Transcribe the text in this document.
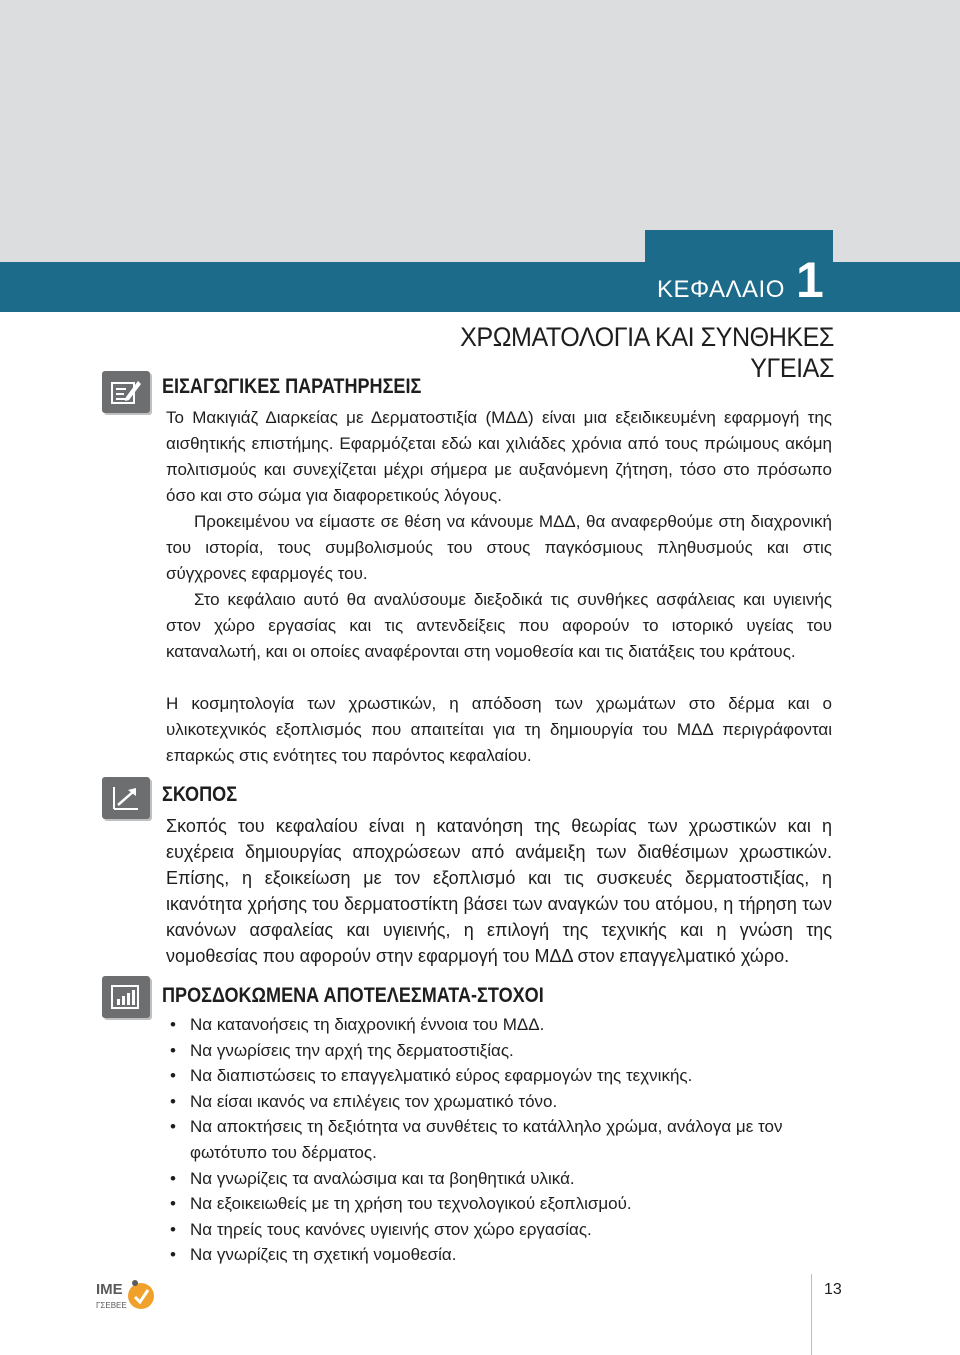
ΚΕΦΑΛΑΙΟ 1
ΧΡΩΜΑΤΟΛΟΓΙΑ ΚΑΙ ΣΥΝΘΗΚΕΣ ΥΓΕΙΑΣ
ΕΙΣΑΓΩΓΙΚΕΣ ΠΑΡΑΤΗΡΗΣΕΙΣ

Το Μακιγιάζ Διαρκείας με Δερματοστιξία (ΜΔΔ) είναι μια εξειδικευμένη εφαρμογή της αισθητικής επιστήμης. Εφαρμόζεται εδώ και χιλιάδες χρόνια από τους πρώιμους ακόμη πολιτισμούς και συνεχίζεται μέχρι σήμερα με αυξανόμενη ζήτηση, τόσο στο πρόσωπο όσο και στο σώμα για διαφορετικούς λόγους.

Προκειμένου να είμαστε σε θέση να κάνουμε ΜΔΔ, θα αναφερθούμε στη διαχρονική του ιστορία, τους συμβολισμούς του στους παγκόσμιους πληθυσμούς και στις σύγχρονες εφαρμογές του.

Στο κεφάλαιο αυτό θα αναλύσουμε διεξοδικά τις συνθήκες ασφάλειας και υγιεινής στον χώρο εργασίας και τις αντενδείξεις που αφορούν το ιστορικό υγείας του καταναλωτή, και οι οποίες αναφέρονται στη νομοθεσία και τις διατάξεις του κράτους.

Η κοσμητολογία των χρωστικών, η απόδοση των χρωμάτων στο δέρμα και ο υλικοτεχνικός εξοπλισμός που απαιτείται για τη δημιουργία του ΜΔΔ περιγράφονται επαρκώς στις ενότητες του παρόντος κεφαλαίου.

ΣΚΟΠΟΣ

Σκοπός του κεφαλαίου είναι η κατανόηση της θεωρίας των χρωστικών και η ευχέρεια δημιουργίας αποχρώσεων από ανάμειξη των διαθέσιμων χρωστικών. Επίσης, η εξοικείωση με τον εξοπλισμό και τις συσκευές δερματοστιξίας, η ικανότητα χρήσης του δερματοστίκτη βάσει των αναγκών του ατόμου, η τήρηση των κανόνων ασφαλείας και υγιεινής, η επιλογή της τεχνικής και η γνώση της νομοθεσίας που αφορούν στην εφαρμογή του ΜΔΔ στον επαγγελματικό χώρο.

ΠΡΟΣΔΟΚΩΜΕΝΑ ΑΠΟΤΕΛΕΣΜΑΤΑ-ΣΤΟΧΟΙ
• Να κατανοήσεις τη διαχρονική έννοια του ΜΔΔ.
• Να γνωρίσεις την αρχή της δερματοστιξίας.
• Να διαπιστώσεις το επαγγελματικό εύρος εφαρμογών της τεχνικής.
• Να είσαι ικανός να επιλέγεις τον χρωματικό τόνο.
• Να αποκτήσεις τη δεξιότητα να συνθέτεις το κατάλληλο χρώμα, ανάλογα με τον φωτότυπο του δέρματος.
• Να γνωρίζεις τα αναλώσιμα και τα βοηθητικά υλικά.
• Να εξοικειωθείς με τη χρήση του τεχνολογικού εξοπλισμού.
• Να τηρείς τους κανόνες υγιεινής στον χώρο εργασίας.
• Να γνωρίζεις τη σχετική νομοθεσία.
ΙΜΕ
ΓΣΕΒΕΕ
13
